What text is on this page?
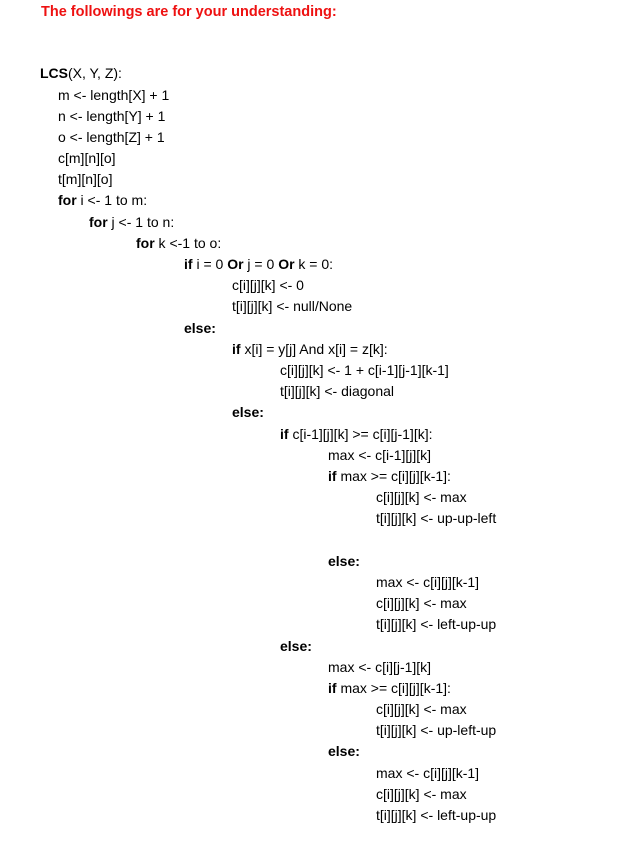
The followings are for your understanding:
LCS(X, Y, Z):
m <- length[X] + 1
n <- length[Y] + 1
o <- length[Z] + 1
c[m][n][o]
t[m][n][o]
for i <- 1 to m:
for j <- 1 to n:
for k <-1 to o:
if i = 0 Or j = 0 Or k = 0:
c[i][j][k] <- 0
t[i][j][k] <- null/None
else:
if x[i] = y[j] And x[i] = z[k]:
c[i][j][k] <- 1 + c[i-1][j-1][k-1]
t[i][j][k] <- diagonal
else:
if c[i-1][j][k] >= c[i][j-1][k]:
max <- c[i-1][j][k]
if max >= c[i][j][k-1]:
c[i][j][k] <- max
t[i][j][k] <- up-up-left
else:
max <- c[i][j][k-1]
c[i][j][k] <- max
t[i][j][k] <- left-up-up
else:
max <- c[i][j-1][k]
if max >= c[i][j][k-1]:
c[i][j][k] <- max
t[i][j][k] <- up-left-up
else:
max <- c[i][j][k-1]
c[i][j][k] <- max
t[i][j][k] <- left-up-up
